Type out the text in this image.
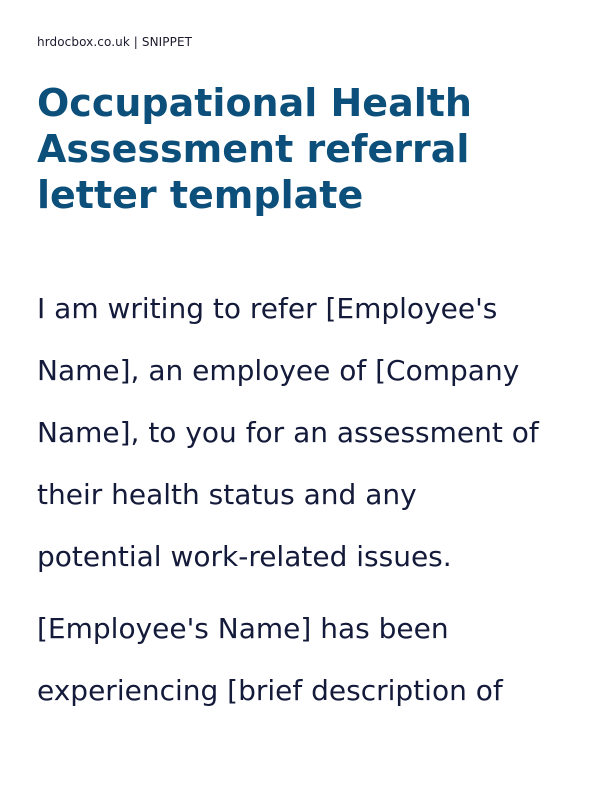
hrdocbox.co.uk | SNIPPET
Occupational Health
Assessment referral
letter template

I am writing to refer [Employee's
Name], an employee of [Company
Name], to you for an assessment of
their health status and any
potential work-related issues.

[Employee's Name] has been
experiencing [brief description of
